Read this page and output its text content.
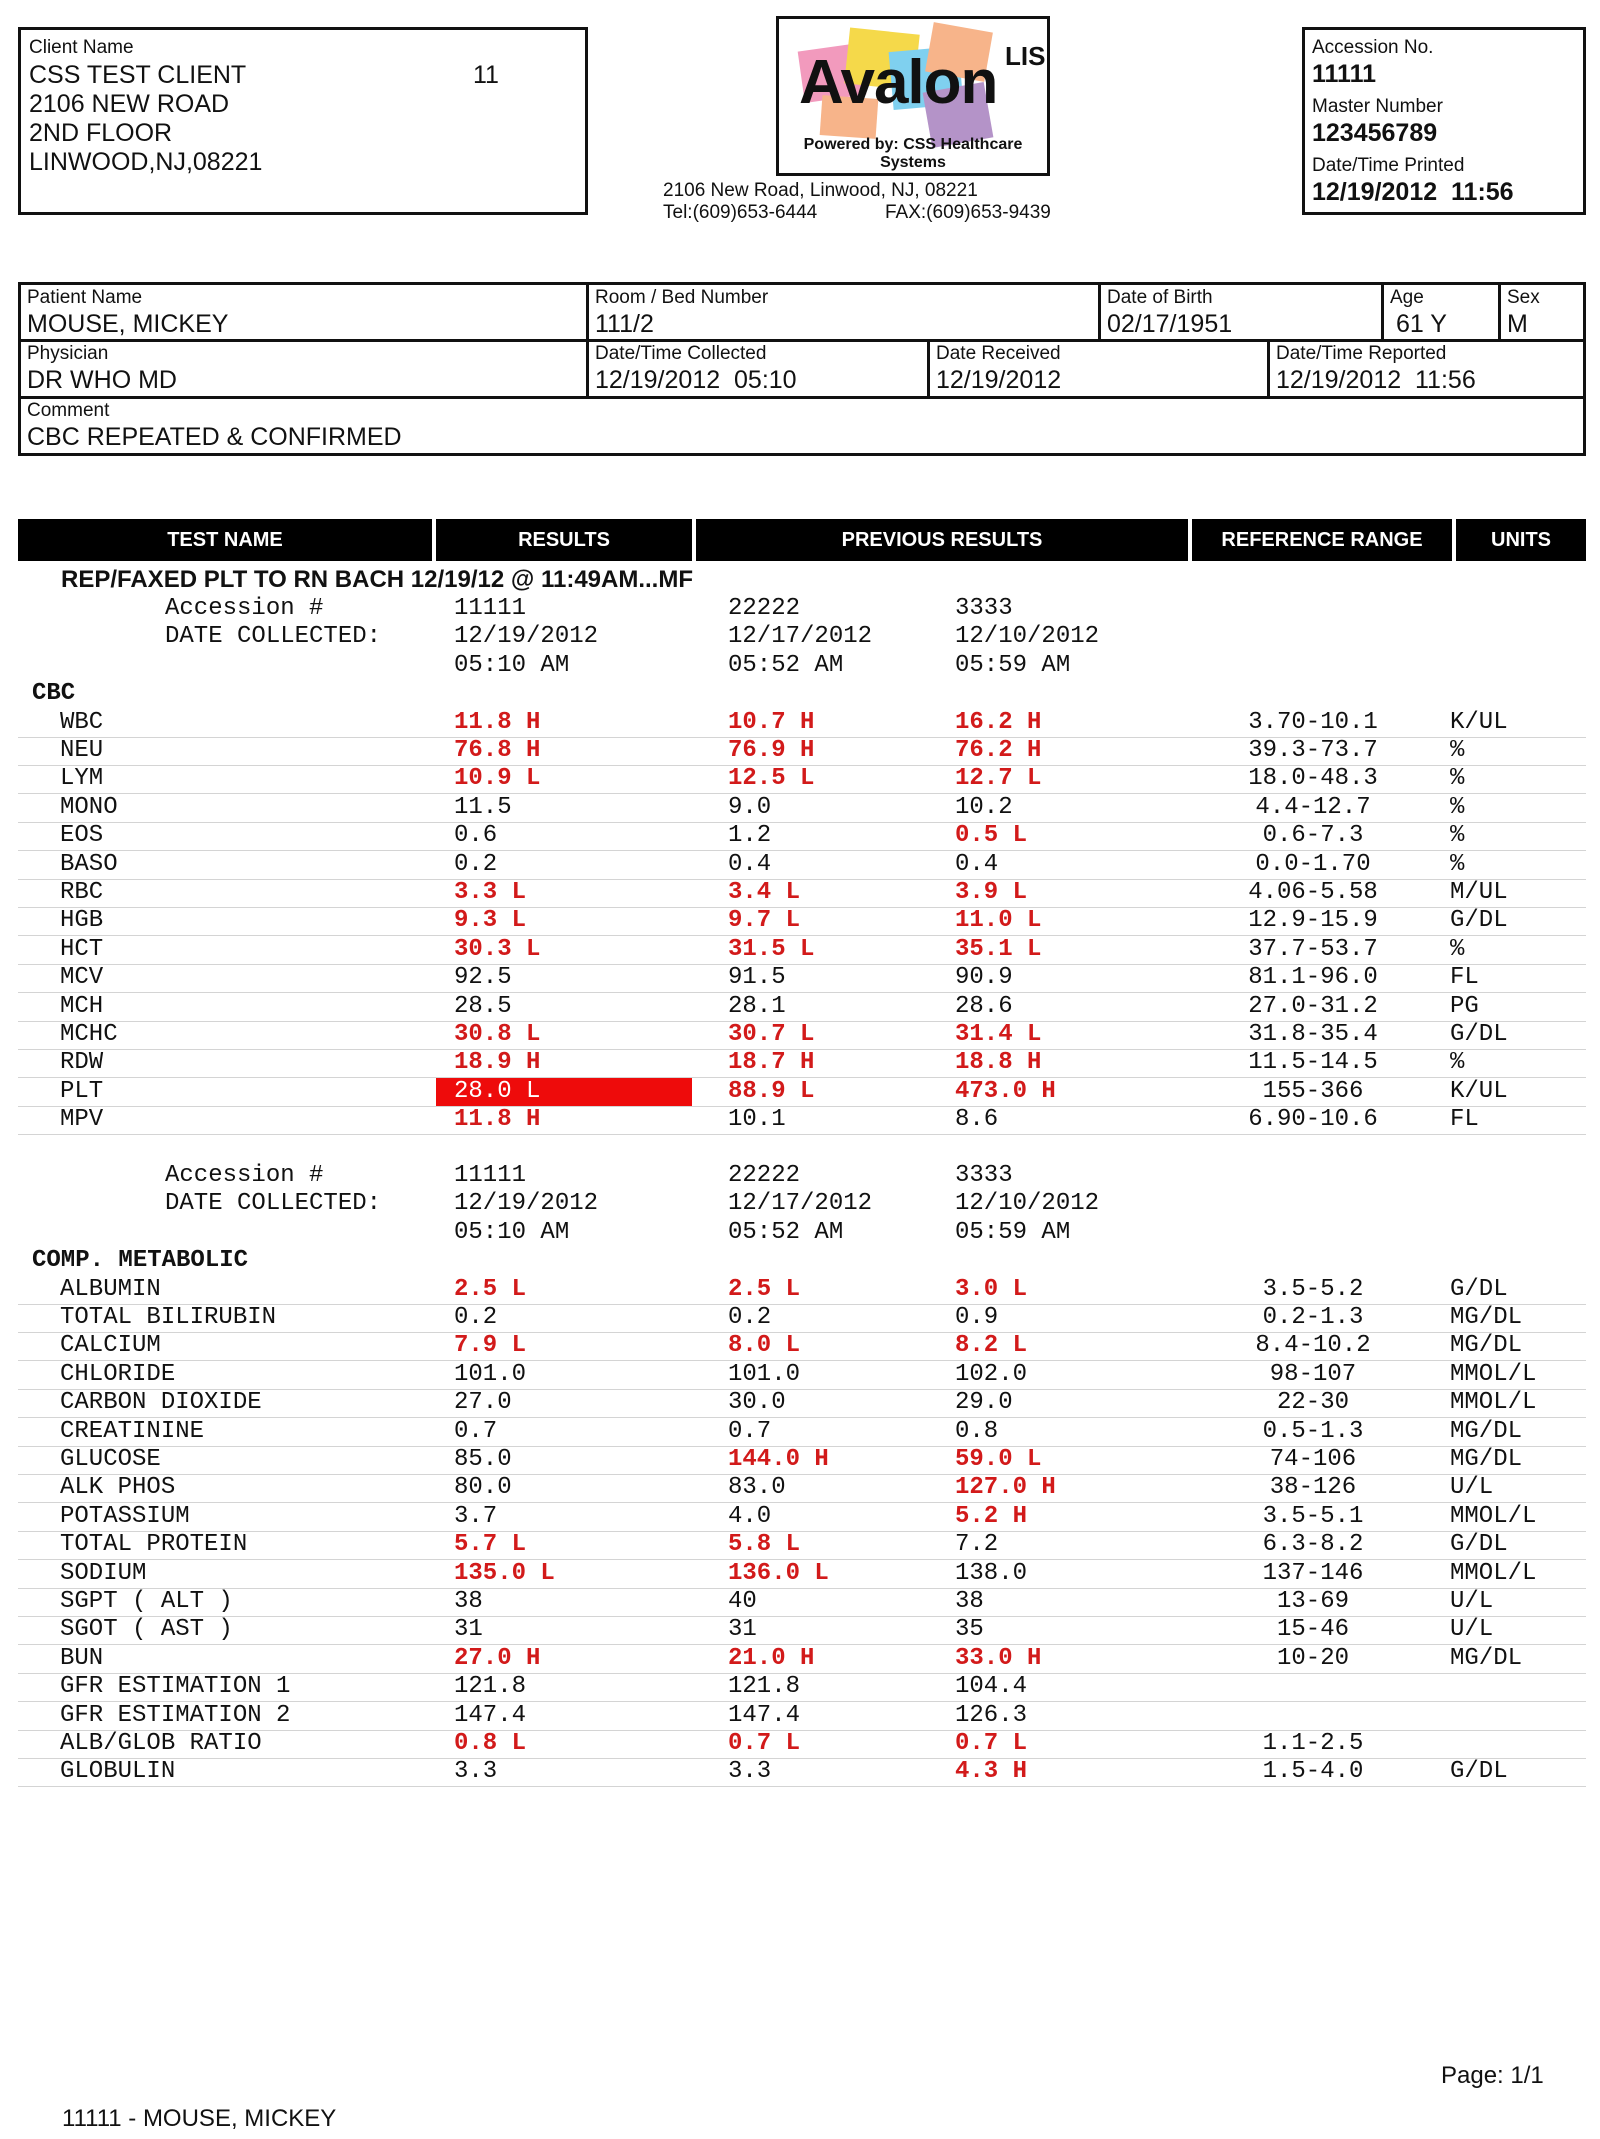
Client Name
CSS TEST CLIENT	11
2106 NEW ROAD
2ND FLOOR
LINWOOD,NJ,08221
Avalon LIS
Powered by: CSS Healthcare Systems
2106 New Road, Linwood, NJ, 08221
Tel:(609)653-6444	FAX:(609)653-9439
Accession No.
11111
Master Number
123456789
Date/Time Printed
12/19/2012  11:56
Patient Name
MOUSE, MICKEY
Room / Bed Number
111/2
Date of Birth
02/17/1951
Age
61 Y
Sex
M
Physician
DR WHO MD
Date/Time Collected
12/19/2012  05:10
Date Received
12/19/2012
Date/Time Reported
12/19/2012  11:56
Comment
CBC REPEATED & CONFIRMED
TEST NAME	RESULTS	PREVIOUS RESULTS	REFERENCE RANGE	UNITS
REP/FAXED PLT TO RN BACH 12/19/12 @ 11:49AM...MF
Accession #	11111	22222	3333
DATE COLLECTED:	12/19/2012	12/17/2012	12/10/2012
05:10 AM	05:52 AM	05:59 AM
CBC
WBC	11.8 H	10.7 H	16.2 H	3.70-10.1	K/UL
NEU	76.8 H	76.9 H	76.2 H	39.3-73.7	%
LYM	10.9 L	12.5 L	12.7 L	18.0-48.3	%
MONO	11.5	9.0	10.2	4.4-12.7	%
EOS	0.6	1.2	0.5 L	0.6-7.3	%
BASO	0.2	0.4	0.4	0.0-1.70	%
RBC	3.3 L	3.4 L	3.9 L	4.06-5.58	M/UL
HGB	9.3 L	9.7 L	11.0 L	12.9-15.9	G/DL
HCT	30.3 L	31.5 L	35.1 L	37.7-53.7	%
MCV	92.5	91.5	90.9	81.1-96.0	FL
MCH	28.5	28.1	28.6	27.0-31.2	PG
MCHC	30.8 L	30.7 L	31.4 L	31.8-35.4	G/DL
RDW	18.9 H	18.7 H	18.8 H	11.5-14.5	%
PLT	28.0 L	88.9 L	473.0 H	155-366	K/UL
MPV	11.8 H	10.1	8.6	6.90-10.6	FL
Accession #	11111	22222	3333
DATE COLLECTED:	12/19/2012	12/17/2012	12/10/2012
05:10 AM	05:52 AM	05:59 AM
COMP. METABOLIC
ALBUMIN	2.5 L	2.5 L	3.0 L	3.5-5.2	G/DL
TOTAL BILIRUBIN	0.2	0.2	0.9	0.2-1.3	MG/DL
CALCIUM	7.9 L	8.0 L	8.2 L	8.4-10.2	MG/DL
CHLORIDE	101.0	101.0	102.0	98-107	MMOL/L
CARBON DIOXIDE	27.0	30.0	29.0	22-30	MMOL/L
CREATININE	0.7	0.7	0.8	0.5-1.3	MG/DL
GLUCOSE	85.0	144.0 H	59.0 L	74-106	MG/DL
ALK PHOS	80.0	83.0	127.0 H	38-126	U/L
POTASSIUM	3.7	4.0	5.2 H	3.5-5.1	MMOL/L
TOTAL PROTEIN	5.7 L	5.8 L	7.2	6.3-8.2	G/DL
SODIUM	135.0 L	136.0 L	138.0	137-146	MMOL/L
SGPT ( ALT )	38	40	38	13-69	U/L
SGOT ( AST )	31	31	35	15-46	U/L
BUN	27.0 H	21.0 H	33.0 H	10-20	MG/DL
GFR ESTIMATION 1	121.8	121.8	104.4
GFR ESTIMATION 2	147.4	147.4	126.3
ALB/GLOB RATIO	0.8 L	0.7 L	0.7 L	1.1-2.5
GLOBULIN	3.3	3.3	4.3 H	1.5-4.0	G/DL
Page: 1/1
11111 - MOUSE, MICKEY
